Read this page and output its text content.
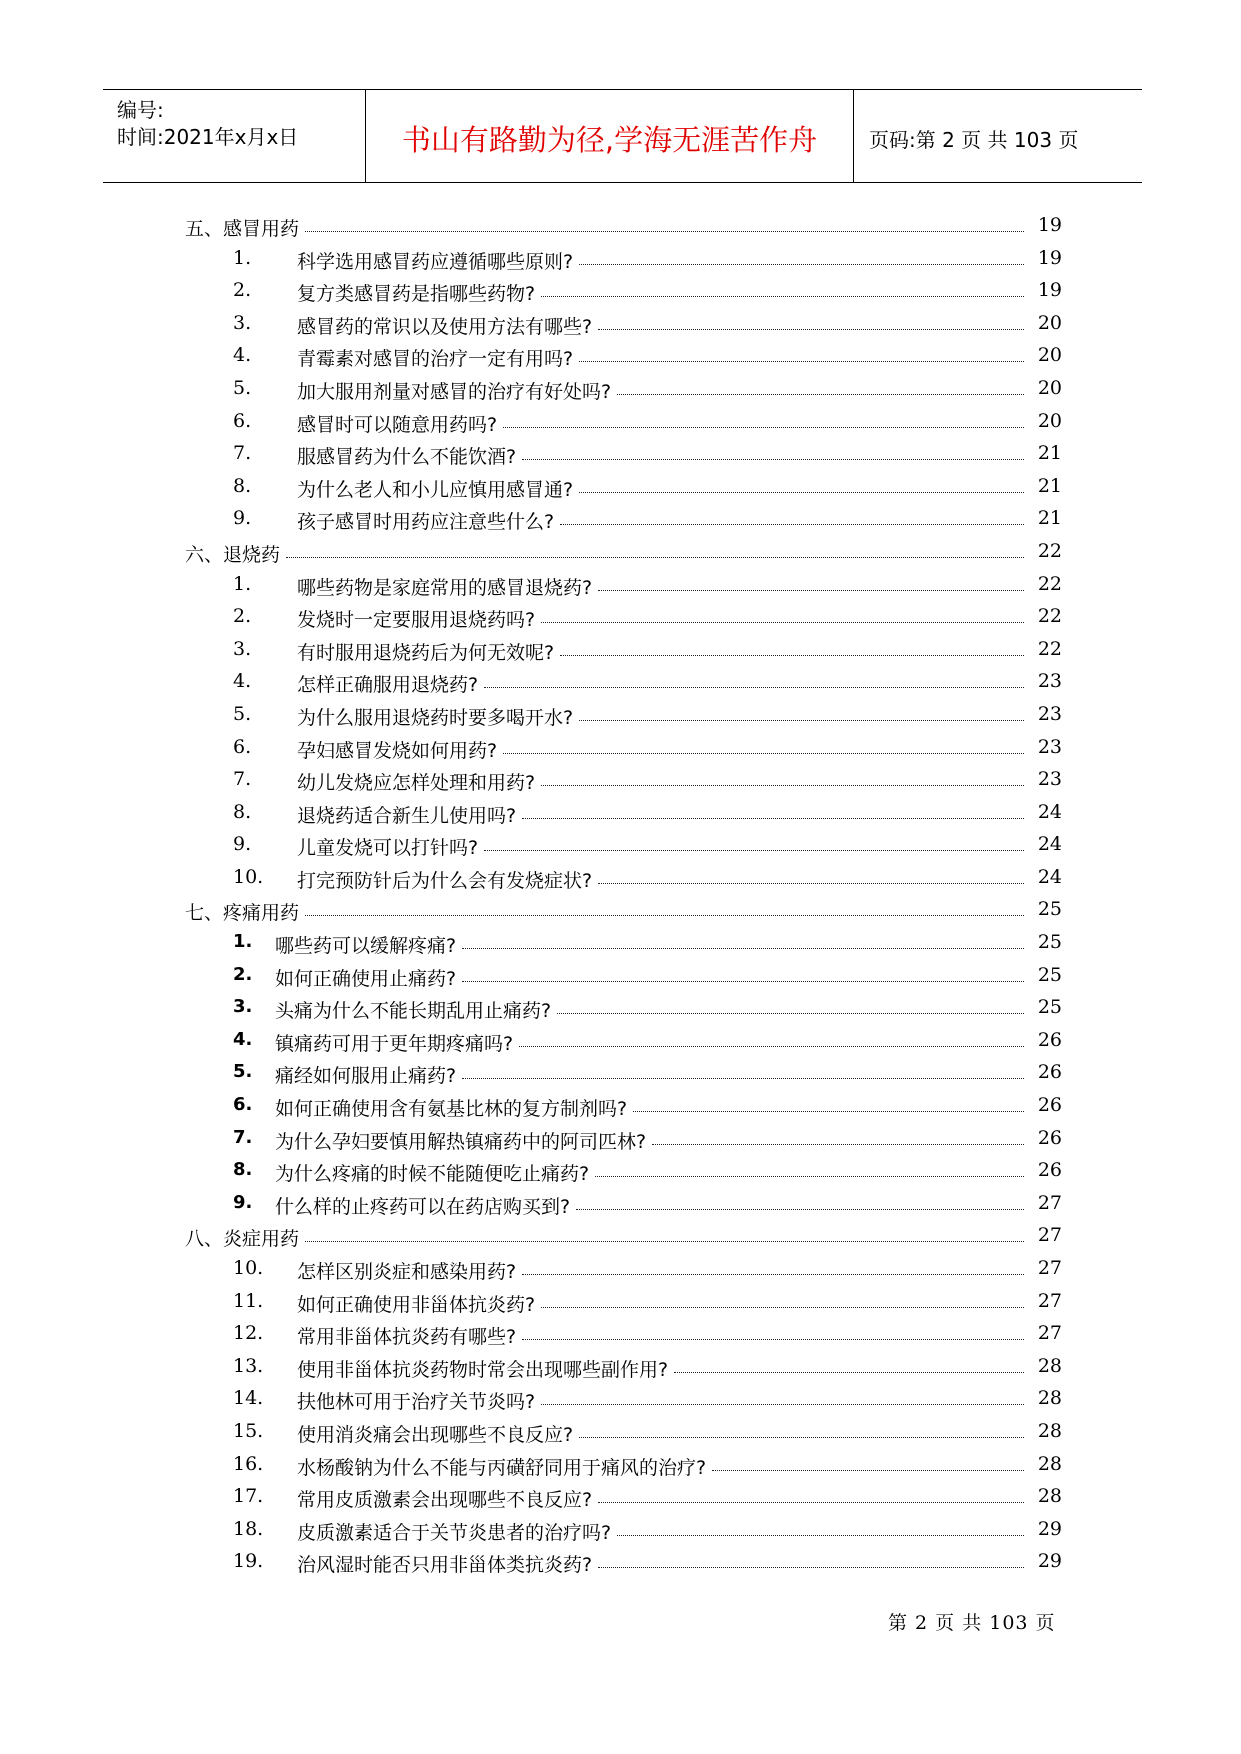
编号:
时间:2021年x月x日	书山有路勤为径,学海无涯苦作舟	页码:第 2 页 共 103 页
五、 感冒用药	19
1. 科学选用感冒药应遵循哪些原则?	19
2. 复方类感冒药是指哪些药物?	19
3. 感冒药的常识以及使用方法有哪些?	20
4. 青霉素对感冒的治疗一定有用吗?	20
5. 加大服用剂量对感冒的治疗有好处吗?	20
6. 感冒时可以随意用药吗?	20
7. 服感冒药为什么不能饮酒?	21
8. 为什么老人和小儿应慎用感冒通?	21
9. 孩子感冒时用药应注意些什么?	21
六、 退烧药	22
1. 哪些药物是家庭常用的感冒退烧药?	22
2. 发烧时一定要服用退烧药吗?	22
3. 有时服用退烧药后为何无效呢?	22
4. 怎样正确服用退烧药?	23
5. 为什么服用退烧药时要多喝开水?	23
6. 孕妇感冒发烧如何用药?	23
7. 幼儿发烧应怎样处理和用药?	23
8. 退烧药适合新生儿使用吗?	24
9. 儿童发烧可以打针吗?	24
10. 打完预防针后为什么会有发烧症状?	24
七、 疼痛用药	25
1. 哪些药可以缓解疼痛?	25
2. 如何正确使用止痛药?	25
3. 头痛为什么不能长期乱用止痛药?	25
4. 镇痛药可用于更年期疼痛吗?	26
5. 痛经如何服用止痛药?	26
6. 如何正确使用含有氨基比林的复方制剂吗?	26
7. 为什么孕妇要慎用解热镇痛药中的阿司匹林?	26
8. 为什么疼痛的时候不能随便吃止痛药?	26
9. 什么样的止疼药可以在药店购买到?	27
八、 炎症用药	27
10. 怎样区别炎症和感染用药?	27
11. 如何正确使用非甾体抗炎药?	27
12. 常用非甾体抗炎药有哪些?	27
13. 使用非甾体抗炎药物时常会出现哪些副作用?	28
14. 扶他林可用于治疗关节炎吗?	28
15. 使用消炎痛会出现哪些不良反应?	28
16. 水杨酸钠为什么不能与丙磺舒同用于痛风的治疗?	28
17. 常用皮质激素会出现哪些不良反应?	28
18. 皮质激素适合于关节炎患者的治疗吗?	29
19. 治风湿时能否只用非甾体类抗炎药?	29
第 2 页 共 103 页
